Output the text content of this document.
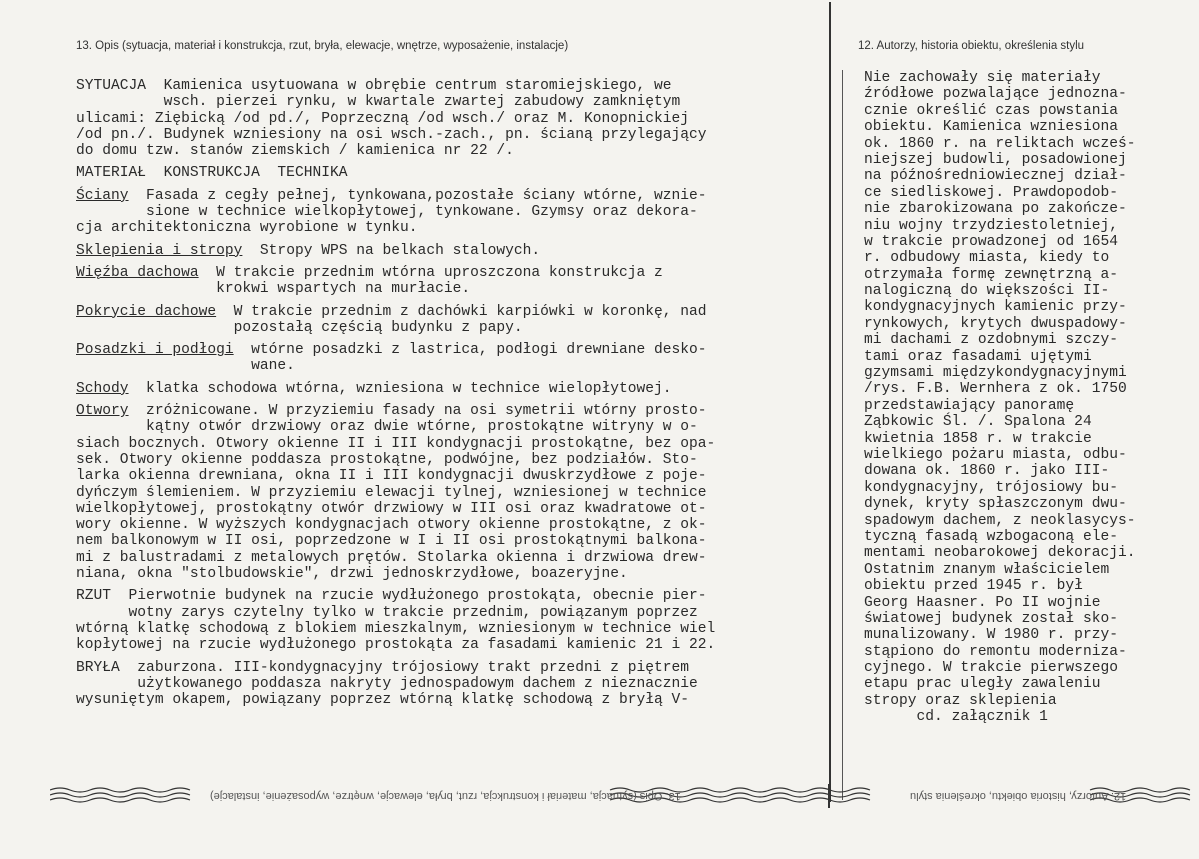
13. Opis (sytuacja, materiał i konstrukcja, rzut, bryła, elewacje, wnętrze, wyposażenie, instalacje)	12. Autorzy, historia obiektu, określenia stylu
SYTUACJA  Kamienica usytuowana w obrębie centrum staromiejskiego, we
wsch. pierzei rynku, w kwartale zwartej zabudowy zamkniętym
ulicami: Ziębicką /od pd./, Poprzeczną /od wsch./ oraz M. Konopnickiej
/od pn./. Budynek wzniesiony na osi wsch.-zach., pn. ścianą przylegający
do domu tzw. stanów ziemskich / kamienica nr 22 /.
MATERIAŁ  KONSTRUKCJA  TECHNIKA
Ściany  Fasada z cegły pełnej, tynkowana,pozostałe ściany wtórne, wznie-
sione w technice wielkopłytowej, tynkowane. Gzymsy oraz dekora-
cja architektoniczna wyrobione w tynku.
Sklepienia i stropy  Stropy WPS na belkach stalowych.
Więźba dachowa  W trakcie przednim wtórna uproszczona konstrukcja z
krokwi wspartych na murłacie.
Pokrycie dachowe  W trakcie przednim z dachówki karpiówki w koronkę, nad
pozostałą częścią budynku z papy.
Posadzki i podłogi  wtórne posadzki z lastrica, podłogi drewniane desko-
wane.
Schody  klatka schodowa wtórna, wzniesiona w technice wielopłytowej.
Otwory  zróżnicowane. W przyziemiu fasady na osi symetrii wtórny prosto-
kątny otwór drzwiowy oraz dwie wtórne, prostokątne witryny w o-
siach bocznych. Otwory okienne II i III kondygnacji prostokątne, bez opa-
sek. Otwory okienne poddasza prostokątne, podwójne, bez podziałów. Sto-
larka okienna drewniana, okna II i III kondygnacji dwuskrzydłowe z poje-
dyńczym ślemieniem. W przyziemiu elewacji tylnej, wzniesionej w technice
wielkopłytowej, prostokątny otwór drzwiowy w III osi oraz kwadratowe ot-
wory okienne. W wyższych kondygnacjach otwory okienne prostokątne, z ok-
nem balkonowym w II osi, poprzedzone w I i II osi prostokątnymi balkona-
mi z balustradami z metalowych prętów. Stolarka okienna i drzwiowa drew-
niana, okna "stolbudowskie", drzwi jednoskrzydłowe, boazeryjne.
RZUT  Pierwotnie budynek na rzucie wydłużonego prostokąta, obecnie pier-
wotny zarys czytelny tylko w trakcie przednim, powiązanym poprzez
wtórną klatkę schodową z blokiem mieszkalnym, wzniesionym w technice wiel
kopłytowej na rzucie wydłużonego prostokąta za fasadami kamienic 21 i 22.
BRYŁA  zaburzona. III-kondygnacyjny trójosiowy trakt przedni z piętrem
użytkowanego poddasza nakryty jednospadowym dachem z nieznacznie
wysuniętym okapem, powiązany poprzez wtórną klatkę schodową z bryłą V-
Nie zachowały się materiały
źródłowe pozwalające jednozna-
cznie określić czas powstania
obiektu. Kamienica wzniesiona
ok. 1860 r. na reliktach wcześ-
niejszej budowli, posadowionej
na późnośredniowiecznej dział-
ce siedliskowej. Prawdopodob-
nie zbarokizowana po zakończe-
niu wojny trzydziestoletniej,
w trakcie prowadzonej od 1654
r. odbudowy miasta, kiedy to
otrzymała formę zewnętrzną a-
nalogiczną do większości II-
kondygnacyjnych kamienic przy-
rynkowych, krytych dwuspadowy-
mi dachami z ozdobnymi szczy-
tami oraz fasadami ujętymi
gzymsami międzykondygnacyjnymi
/rys. F.B. Wernhera z ok. 1750
przedstawiający panoramę
Ząbkowic Śl. /. Spalona 24
kwietnia 1858 r. w trakcie
wielkiego pożaru miasta, odbu-
dowana ok. 1860 r. jako III-
kondygnacyjny, trójosiowy bu-
dynek, kryty spłaszczonym dwu-
spadowym dachem, z neoklasycys-
tyczną fasadą wzbogaconą ele-
mentami neobarokowej dekoracji.
Ostatnim znanym właścicielem
obiektu przed 1945 r. był
Georg Haasner. Po II wojnie
światowej budynek został sko-
munalizowany. W 1980 r. przy-
stąpiono do remontu moderniza-
cyjnego. W trakcie pierwszego
etapu prac uległy zawaleniu
stropy oraz sklepienia
cd. załącznik 1
13. Opis (sytuacja, materiał i konstrukcja, rzut, bryła, elewacje, wnętrze, wyposażenie, instalacje)	12. Autorzy, historia obiektu, określenia stylu
